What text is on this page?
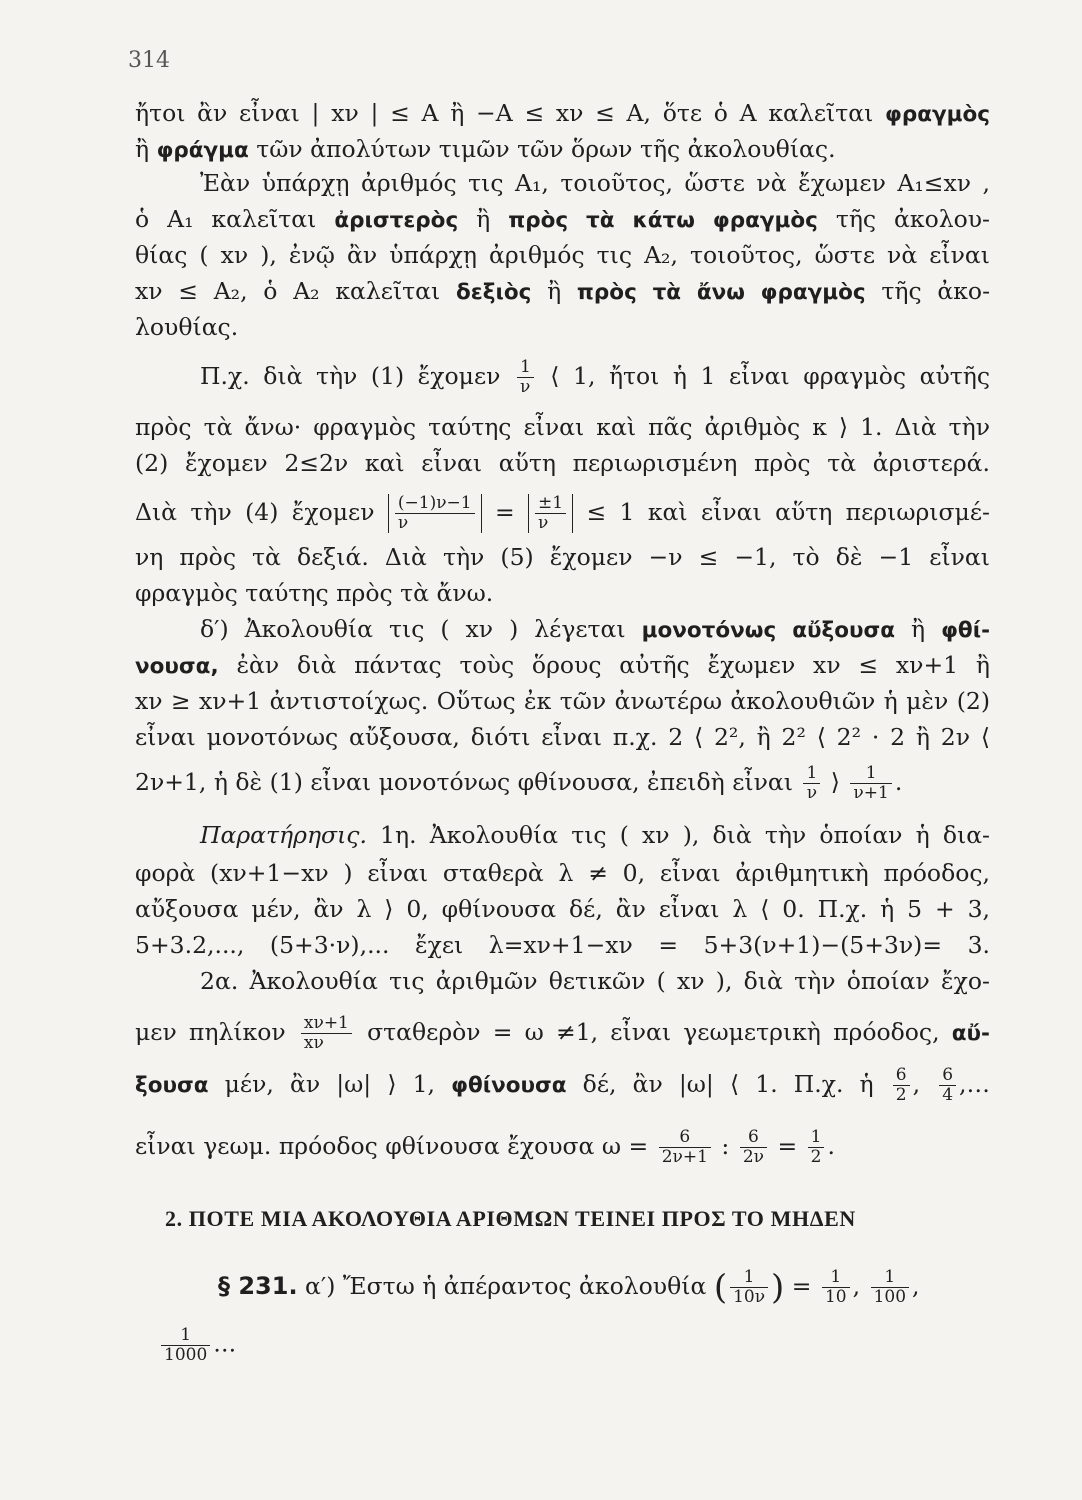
314
ἤτοι ἂν εἶναι | xν | ≤ A ἢ −A ≤ xν ≤ A, ὅτε ὁ A καλεῖται φραγμὸς
ἢ φράγμα τῶν ἀπολύτων τιμῶν τῶν ὅρων τῆς ἀκολουθίας.
Ἐὰν ὑπάρχῃ ἀριθμός τις A₁, τοιοῦτος, ὥστε νὰ ἔχωμεν A₁≤xν ,
ὁ A₁ καλεῖται ἀριστερὸς ἢ πρὸς τὰ κάτω φραγμὸς τῆς ἀκολου-
θίας ( xν ), ἐνῷ ἂν ὑπάρχῃ ἀριθμός τις A₂, τοιοῦτος, ὥστε νὰ εἶναι
xν ≤ A₂, ὁ A₂ καλεῖται δεξιὸς ἢ πρὸς τὰ ἄνω φραγμὸς τῆς ἀκο-
λουθίας.
Π.χ. διὰ τὴν (1) ἔχομεν $\frac{1}{\nu}$ ⟨ 1, ἤτοι ἡ 1 εἶναι φραγμὸς αὐτῆς
πρὸς τὰ ἄνω· φραγμὸς ταύτης εἶναι καὶ πᾶς ἀριθμὸς κ ⟩ 1. Διὰ τὴν
(2) ἔχομεν 2≤2ν καὶ εἶναι αὕτη περιωρισμένη πρὸς τὰ ἀριστερά.
Διὰ τὴν (4) ἔχομεν $\frac{(-1)\nu-1}{\nu} = \frac{\pm 1}{\nu} \le 1$ καὶ εἶναι αὕτη περιωρισμέ-
νη πρὸς τὰ δεξιά. Διὰ τὴν (5) ἔχομεν −ν ≤ −1, τὸ δὲ −1 εἶναι
φραγμὸς ταύτης πρὸς τὰ ἄνω.
δ′) Ἀκολουθία τις ( xν ) λέγεται μονοτόνως αὔξουσα ἢ φθί-
νουσα, ἐὰν διὰ πάντας τοὺς ὅρους αὐτῆς ἔχωμεν xν ≤ xν+1 ἢ
xν ≥ xν+1 ἀντιστοίχως. Οὕτως ἐκ τῶν ἀνωτέρω ἀκολουθιῶν ἡ μὲν (2)
εἶναι μονοτόνως αὔξουσα, διότι εἶναι π.χ. 2 ⟨ 2², ἢ 2² ⟨ 2² · 2 ἢ 2ν ⟨
2ν+1, ἡ δὲ (1) εἶναι μονοτόνως φθίνουσα, ἐπειδὴ εἶναι $\frac{1}{\nu}$ ⟩ $\frac{1}{\nu+1}$ .
Παρατήρησις. 1η. Ἀκολουθία τις ( xν ), διὰ τὴν ὁποίαν ἡ δια-
φορὰ (xν+1−xν ) εἶναι σταθερὰ λ ≠ 0, εἶναι ἀριθμητικὴ πρόοδος,
αὔξουσα μέν, ἂν λ ⟩ 0, φθίνουσα δέ, ἂν εἶναι λ ⟨ 0. Π.χ. ἡ 5 + 3,
5+3.2,..., (5+3·ν),... ἔχει λ=xν+1−xν = 5+3(ν+1)−(5+3ν)= 3.
2α. Ἀκολουθία τις ἀριθμῶν θετικῶν ( xν ), διὰ τὴν ὁποίαν ἔχο-
μεν πηλίκον $\frac{x\nu+1}{x\nu}$ σταθερὸν = ω ≠1, εἶναι γεωμετρικὴ πρόοδος, αὔ-
ξουσα μέν, ἂν |ω| ⟩ 1, φθίνουσα δέ, ἂν |ω| ⟨ 1. Π.χ. ἡ $\frac{6}{2}$ , $\frac{6}{4}$ ,…
εἶναι γεωμ. πρόοδος φθίνουσα ἔχουσα $\omega = \frac{6}{2\nu+1}$ : $\frac{6}{2\nu} = \frac{1}{2}$ .
2. ΠΟΤΕ ΜΙΑ ΑΚΟΛΟΥΘΙΑ ΑΡΙΘΜΩΝ ΤΕΙΝΕΙ ΠΡΟΣ ΤΟ ΜΗΔΕΝ
§ 231. α′) Ἔστω ἡ ἀπέραντος ἀκολουθία ( $\frac{1}{10\nu}$ ) = $\frac{1}{10}$ , $\frac{1}{100}$ ,
$\frac{1}{1000}$ …
